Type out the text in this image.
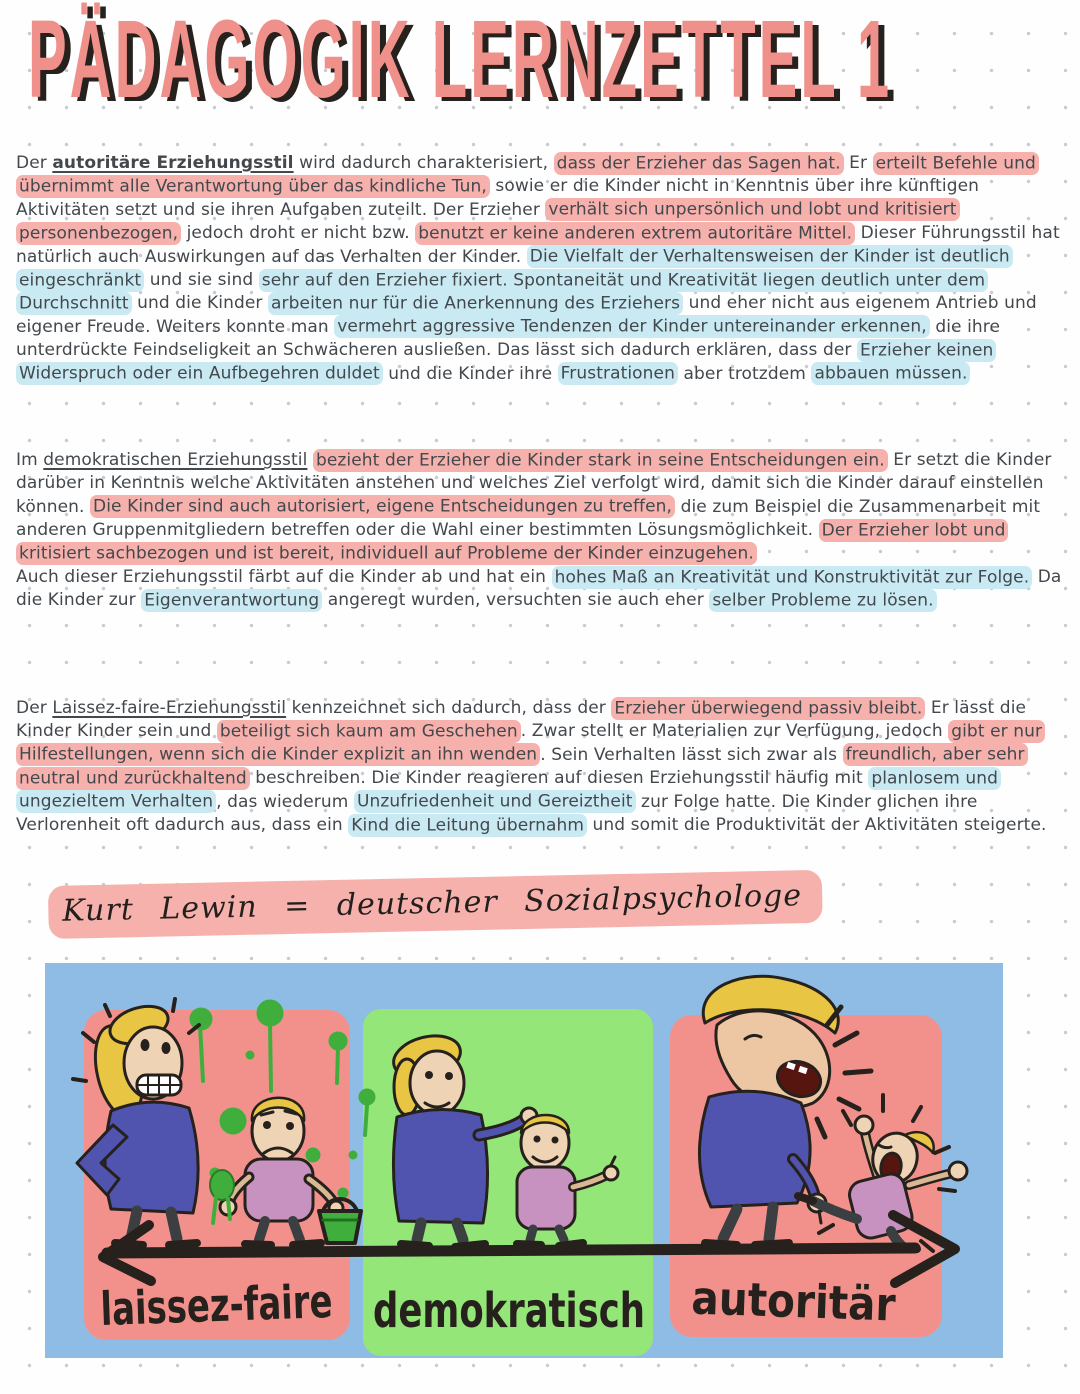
PÄDAGOGIK LERNZETTEL 1
Der autoritäre Erziehungsstil wird dadurch charakterisiert, dass der Erzieher das Sagen hat. Er erteilt Befehle und übernimmt alle Verantwortung über das kindliche Tun, sowie er die Kinder nicht in Kenntnis über ihre künftigen Aktivitäten setzt und sie ihren Aufgaben zuteilt. Der Erzieher verhält sich unpersönlich und lobt und kritisiert personenbezogen, jedoch droht er nicht bzw. benutzt er keine anderen extrem autoritäre Mittel. Dieser Führungsstil hat natürlich auch Auswirkungen auf das Verhalten der Kinder. Die Vielfalt der Verhaltensweisen der Kinder ist deutlich eingeschränkt und sie sind sehr auf den Erzieher fixiert. Spontaneität und Kreativität liegen deutlich unter dem Durchschnitt und die Kinder arbeiten nur für die Anerkennung des Erziehers und eher nicht aus eigenem Antrieb und eigener Freude. Weiters konnte man vermehrt aggressive Tendenzen der Kinder untereinander erkennen, die ihre unterdrückte Feindseligkeit an Schwächeren ausließen. Das lässt sich dadurch erklären, dass der Erzieher keinen Widerspruch oder ein Aufbegehren duldet und die Kinder ihre Frustrationen aber trotzdem abbauen müssen.
Im demokratischen Erziehungsstil bezieht der Erzieher die Kinder stark in seine Entscheidungen ein. Er setzt die Kinder darüber in Kenntnis welche Aktivitäten anstehen und welches Ziel verfolgt wird, damit sich die Kinder darauf einstellen können. Die Kinder sind auch autorisiert, eigene Entscheidungen zu treffen, die zum Beispiel die Zusammenarbeit mit anderen Gruppenmitgliedern betreffen oder die Wahl einer bestimmten Lösungsmöglichkeit. Der Erzieher lobt und kritisiert sachbezogen und ist bereit, individuell auf Probleme der Kinder einzugehen.
Auch dieser Erziehungsstil färbt auf die Kinder ab und hat ein hohes Maß an Kreativität und Konstruktivität zur Folge. Da die Kinder zur Eigenverantwortung angeregt wurden, versuchten sie auch eher selber Probleme zu lösen.
Der Laissez-faire-Erziehungsstil kennzeichnet sich dadurch, dass der Erzieher überwiegend passiv bleibt. Er lässt die Kinder Kinder sein und beteiligt sich kaum am Geschehen . Zwar stellt er Materialien zur Verfügung, jedoch gibt er nur Hilfestellungen, wenn sich die Kinder explizit an ihn wenden . Sein Verhalten lässt sich zwar als freundlich, aber sehr neutral und zurückhaltend beschreiben. Die Kinder reagieren auf diesen Erziehungsstil häufig mit planlosem und ungezieltem Verhalten , das wiederum Unzufriedenheit und Gereiztheit zur Folge hatte. Die Kinder glichen ihre Verlorenheit oft dadurch aus, dass ein Kind die Leitung übernahm und somit die Produktivität der Aktivitäten steigerte.
Kurt Lewin = deutscher Sozialpsychologe
laissez-faire
demokratisch autoritär
